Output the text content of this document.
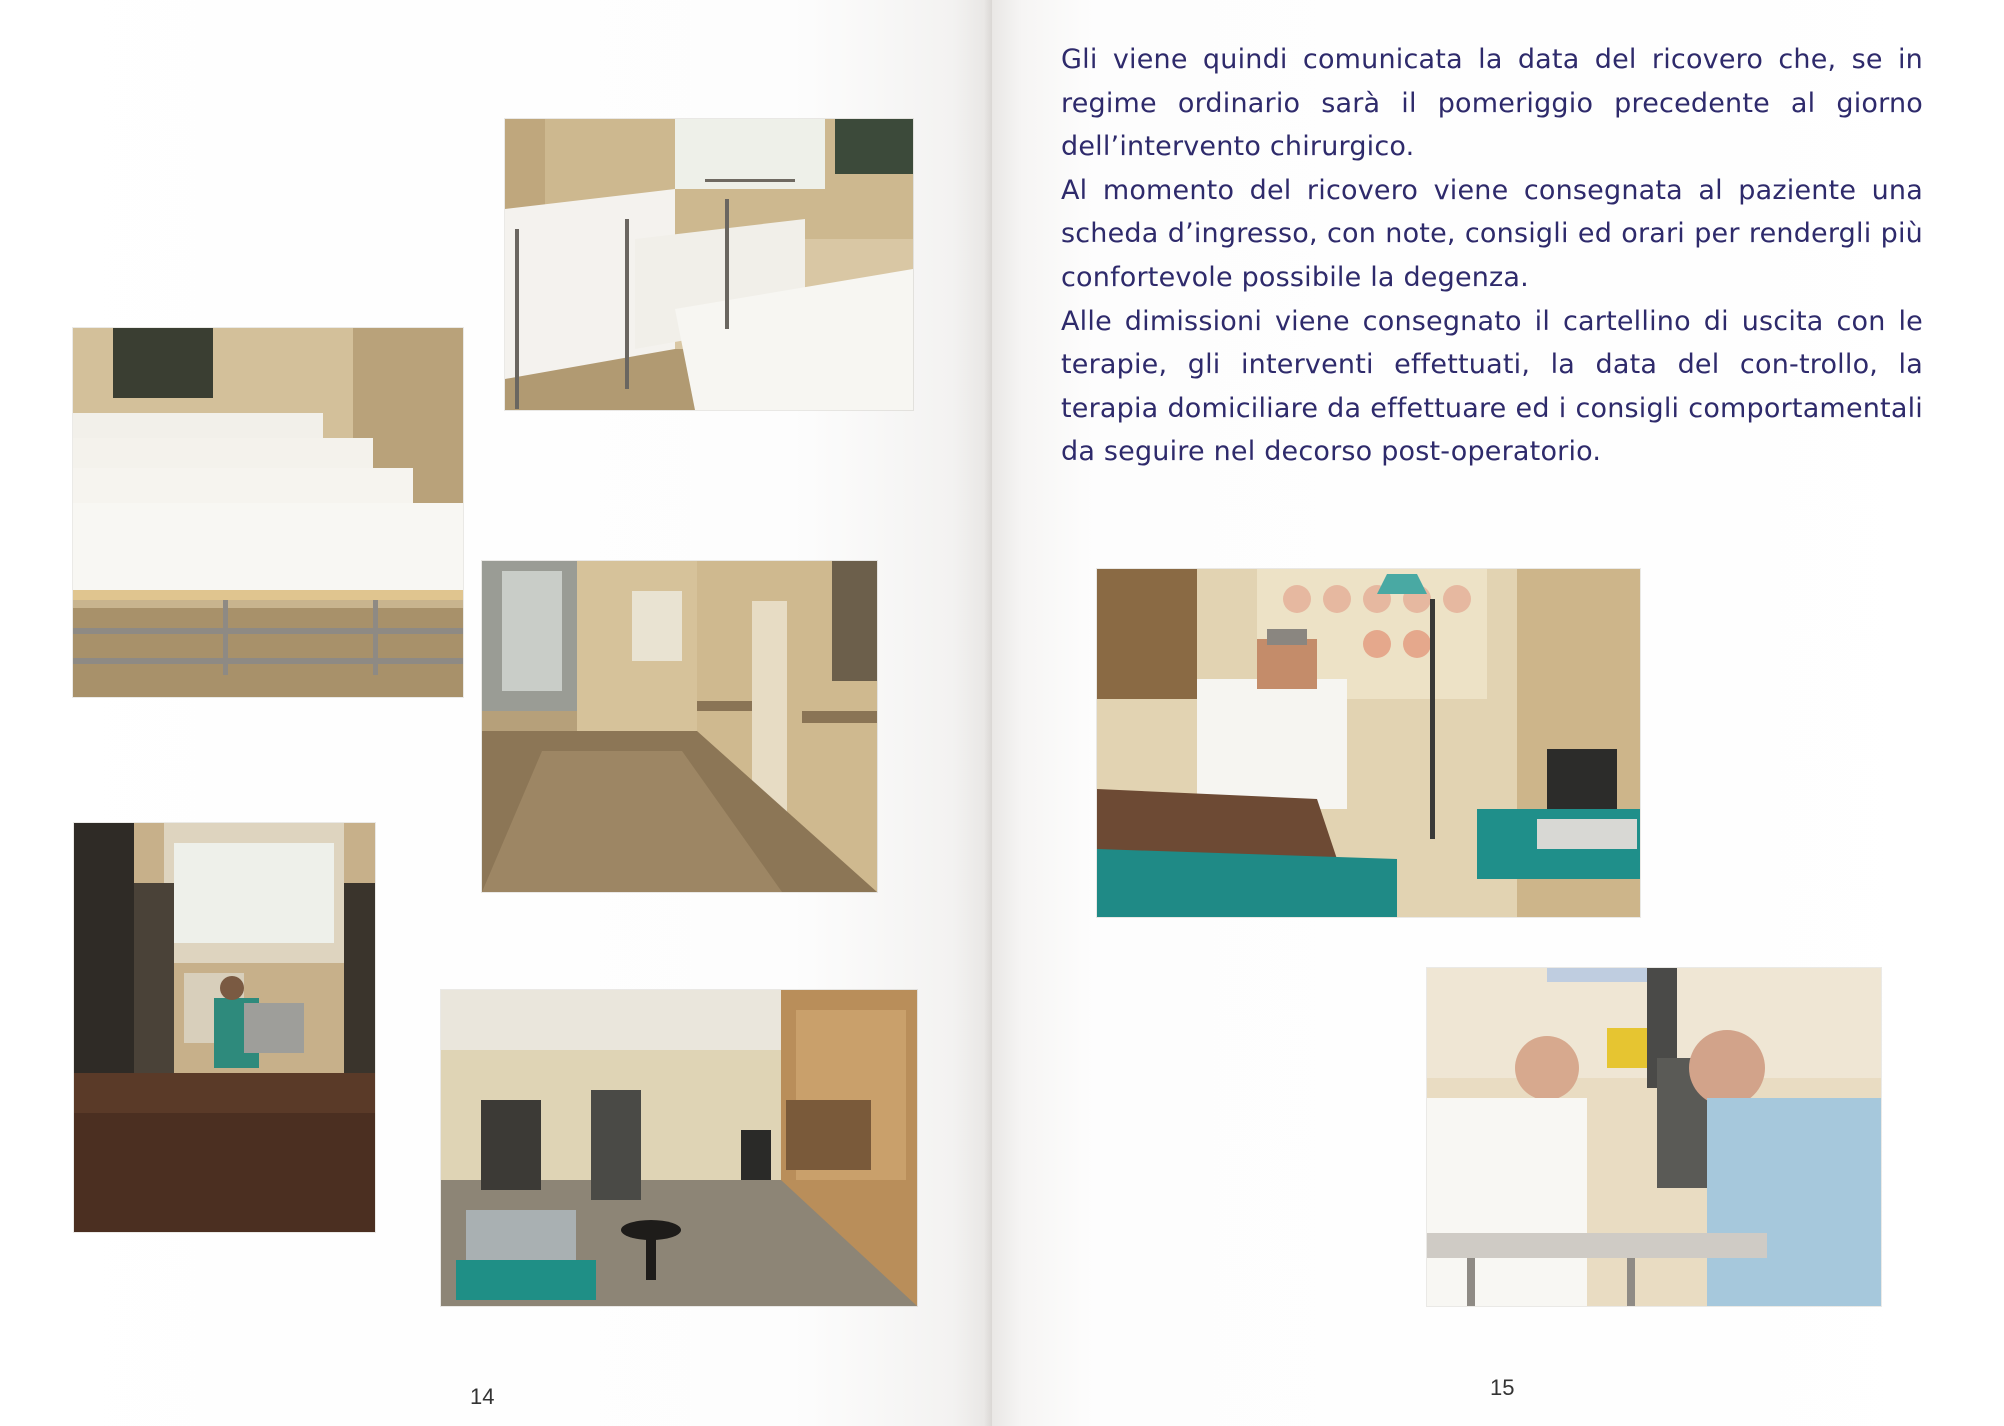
14

Gli viene quindi comunicata la data del ricovero che, se in regime ordinario sarà il pomeriggio precedente al giorno dell’intervento chirurgico.

Al momento del ricovero viene consegnata al paziente una scheda d’ingresso, con note, consigli ed orari per rendergli più confortevole possibile la degenza.

Alle dimissioni viene consegnato il cartellino di uscita con le terapie, gli interventi effettuati, la data del con-trollo, la terapia domiciliare da effettuare ed i consigli comportamentali da seguire nel decorso post-operatorio.

15
